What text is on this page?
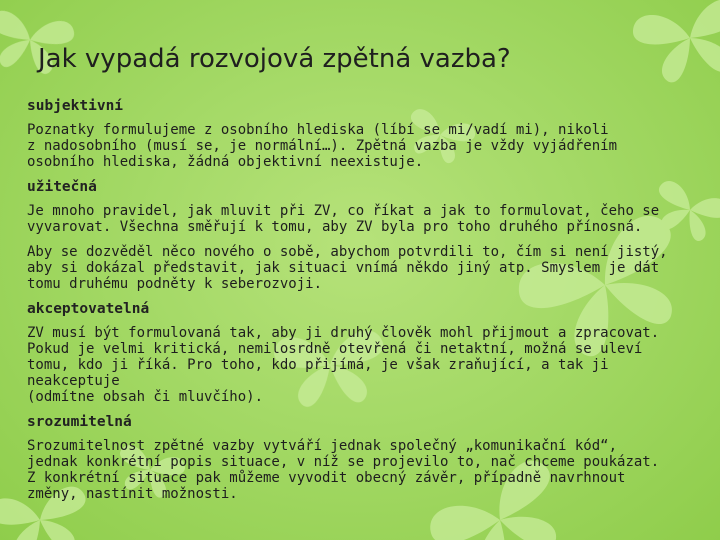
Jak vypadá rozvojová zpětná vazba?
subjektivní
Poznatky formulujeme z osobního hlediska (líbí se mi/vadí mi), nikoli
z nadosobního (musí se, je normální…). Zpětná vazba je vždy vyjádřením
osobního hlediska, žádná objektivní neexistuje.
užitečná
Je mnoho pravidel, jak mluvit při ZV, co říkat a jak to formulovat, čeho se
vyvarovat. Všechna směřují k tomu, aby ZV byla pro toho druhého přínosná.
Aby se dozvěděl něco nového o sobě, abychom potvrdili to, čím si není jistý,
aby si dokázal představit, jak situaci vnímá někdo jiný atp. Smyslem je dát
tomu druhému podněty k seberozvoji.
akceptovatelná
ZV musí být formulovaná tak, aby ji druhý člověk mohl přijmout a zpracovat.
Pokud je velmi kritická, nemilosrdně otevřená či netaktní, možná se uleví
tomu, kdo ji říká. Pro toho, kdo přijímá, je však zraňující, a tak ji neakceptuje
(odmítne obsah či mluvčího).
srozumitelná
Srozumitelnost zpětné vazby vytváří jednak společný „komunikační kód“,
jednak konkrétní popis situace, v níž se projevilo to, nač chceme poukázat.
Z konkrétní situace pak můžeme vyvodit obecný závěr, případně navrhnout
změny, nastínit možnosti.
